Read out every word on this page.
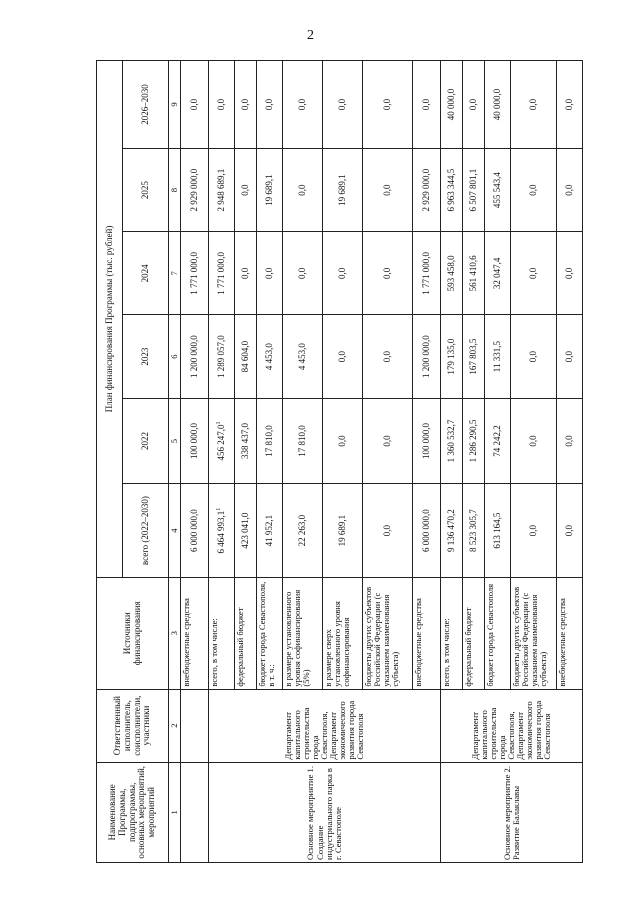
2
Наименование Программы, подпрограммы, основных мероприятий, мероприятий	Ответственный исполнитель, соисполнители, участники	Источники финансирования	План финансирования Программы (тыс. рублей)					
			всего (2022–2030)	2022	2023	2024	2025	2026–2030
1	2	3	4	5	6	7	8	9
		внебюджетные средства	6 000 000,0	100 000,0	1 200 000,0	1 771 000,0	2 929 000,0	0,0
Основное мероприятие 1. Создание индустриального парка в г. Севастополе	Департамент капитального строительства города Севастополя, Департамент экономического развития города Севастополя	всего, в том числе:	6 464 993,1$^1$	456 247,0$^1$	1 289 057,0	1 771 000,0	2 948 689,1	0,0
		федеральный бюджет	423 041,0	338 437,0	84 604,0	0,0	0,0	0,0
		бюджет города Севастополя, в т. ч.:	41 952,1	17 810,0	4 453,0	0,0	19 689,1	0,0
		в размере установленного уровня софинансирования (5%)	22 263,0	17 810,0	4 453,0	0,0	0,0	0,0
		в размере сверх установленного уровня софинансирования	19 689,1	0,0	0,0	0,0	19 689,1	0,0
		бюджеты других субъектов Российской Федерации (с указанием наименования субъекта)	0,0	0,0	0,0	0,0	0,0	0,0
		внебюджетные средства	6 000 000,0	100 000,0	1 200 000,0	1 771 000,0	2 929 000,0	0,0
Основное мероприятие 2. Развитие Балаклавы	Департамент капитального строительства города Севастополя, Департамент экономического развития города Севастополя	всего, в том числе:	9 136 470,2	1 360 532,7	179 135,0	593 458,0	6 963 344,5	40 000,0
		федеральный бюджет	8 523 305,7	1 286 290,5	167 803,5	561 410,6	6 507 801,1	0,0
		бюджет города Севастополя	613 164,5	74 242,2	11 331,5	32 047,4	455 543,4	40 000,0
		бюджеты других субъектов Российской Федерации (с указанием наименования субъекта)	0,0	0,0	0,0	0,0	0,0	0,0
		внебюджетные средства	0,0	0,0	0,0	0,0	0,0	0,0
